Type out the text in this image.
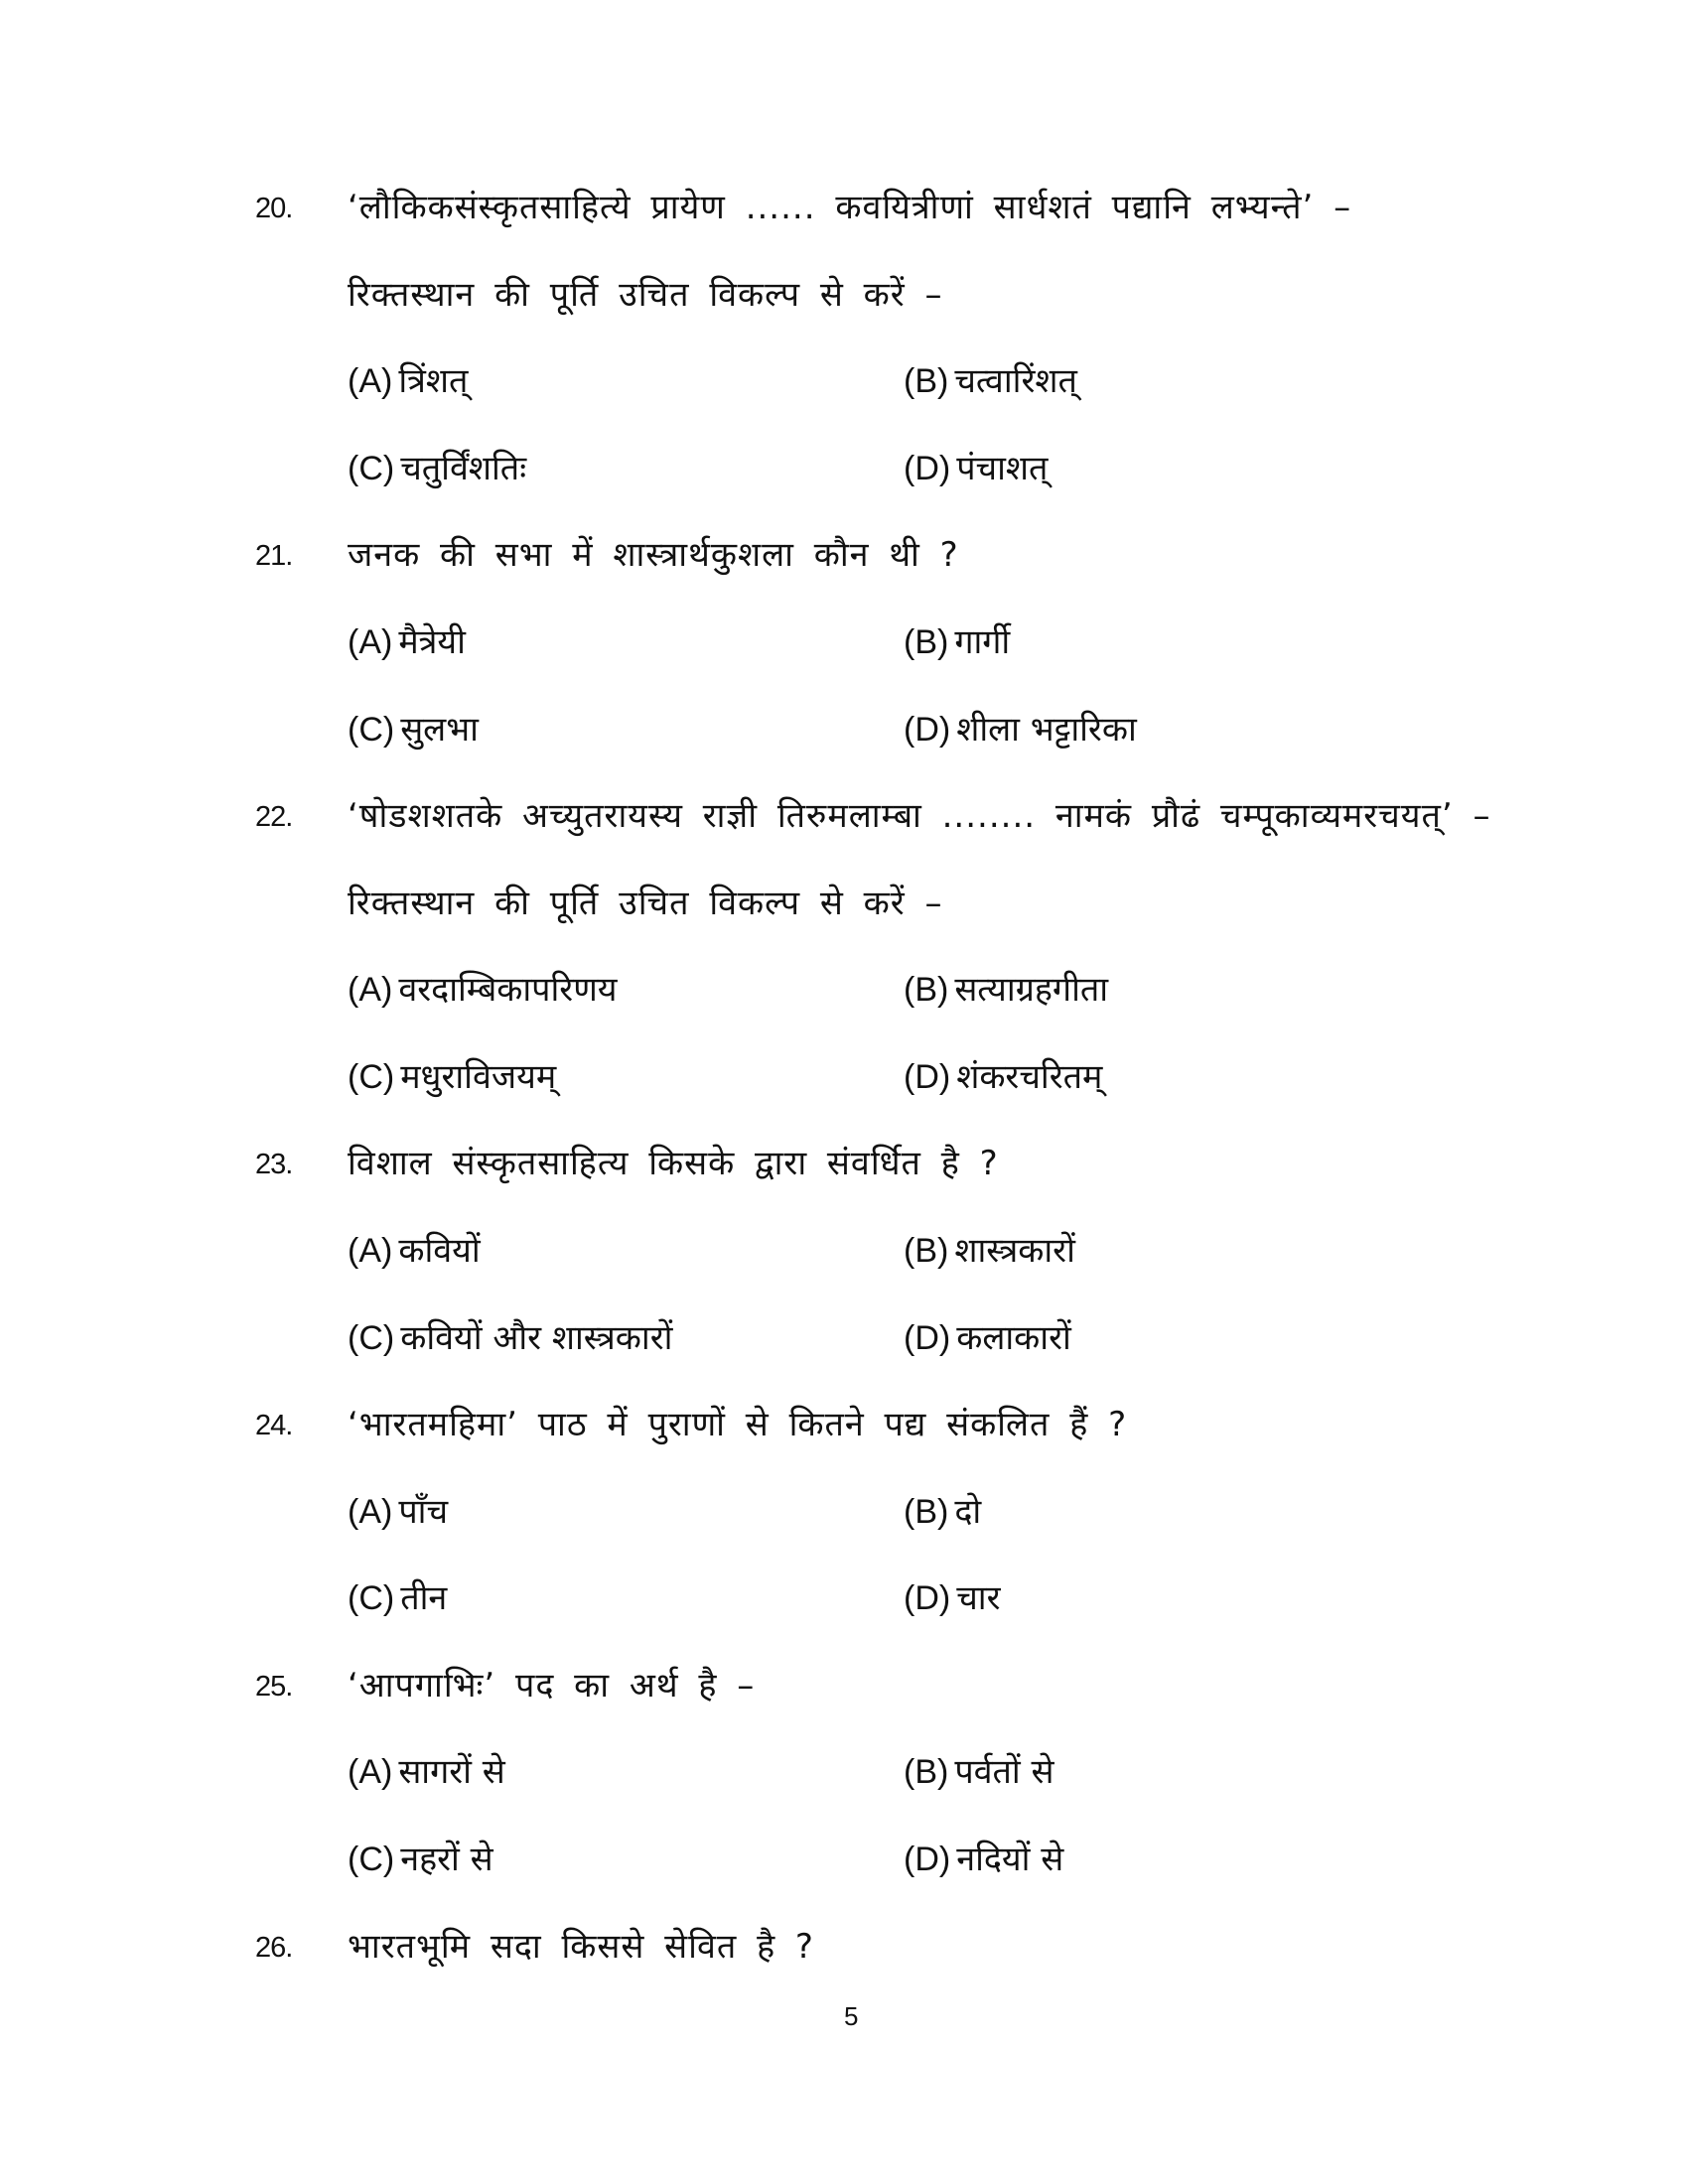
20. ‘लौकिकसंस्कृतसाहित्ये प्रायेण ...... कवयित्रीणां सार्धशतं पद्यानि लभ्यन्ते’ –
रिक्तस्थान की पूर्ति उचित विकल्प से करें –
(A) त्रिंशत्	(B) चत्वारिंशत्
(C) चतुर्विंशतिः	(D) पंचाशत्
21. जनक की सभा में शास्त्रार्थकुशला कौन थी ?
(A) मैत्रेयी	(B) गार्गी
(C) सुलभा	(D) शीला भट्टारिका
22. ‘षोडशशतके अच्युतरायस्य राज्ञी तिरुमलाम्बा ........ नामकं प्रौढं चम्पूकाव्यमरचयत्’ –
रिक्तस्थान की पूर्ति उचित विकल्प से करें –
(A) वरदाम्बिकापरिणय	(B) सत्याग्रहगीता
(C) मधुराविजयम्	(D) शंकरचरितम्
23. विशाल संस्कृतसाहित्य किसके द्वारा संवर्धित है ?
(A) कवियों	(B) शास्त्रकारों
(C) कवियों और शास्त्रकारों	(D) कलाकारों
24. ‘भारतमहिमा’ पाठ में पुराणों से कितने पद्य संकलित हैं ?
(A) पाँच	(B) दो
(C) तीन	(D) चार
25. ‘आपगाभिः’ पद का अर्थ है –
(A) सागरों से	(B) पर्वतों से
(C) नहरों से	(D) नदियों से
26. भारतभूमि सदा किससे सेवित है ?
5
